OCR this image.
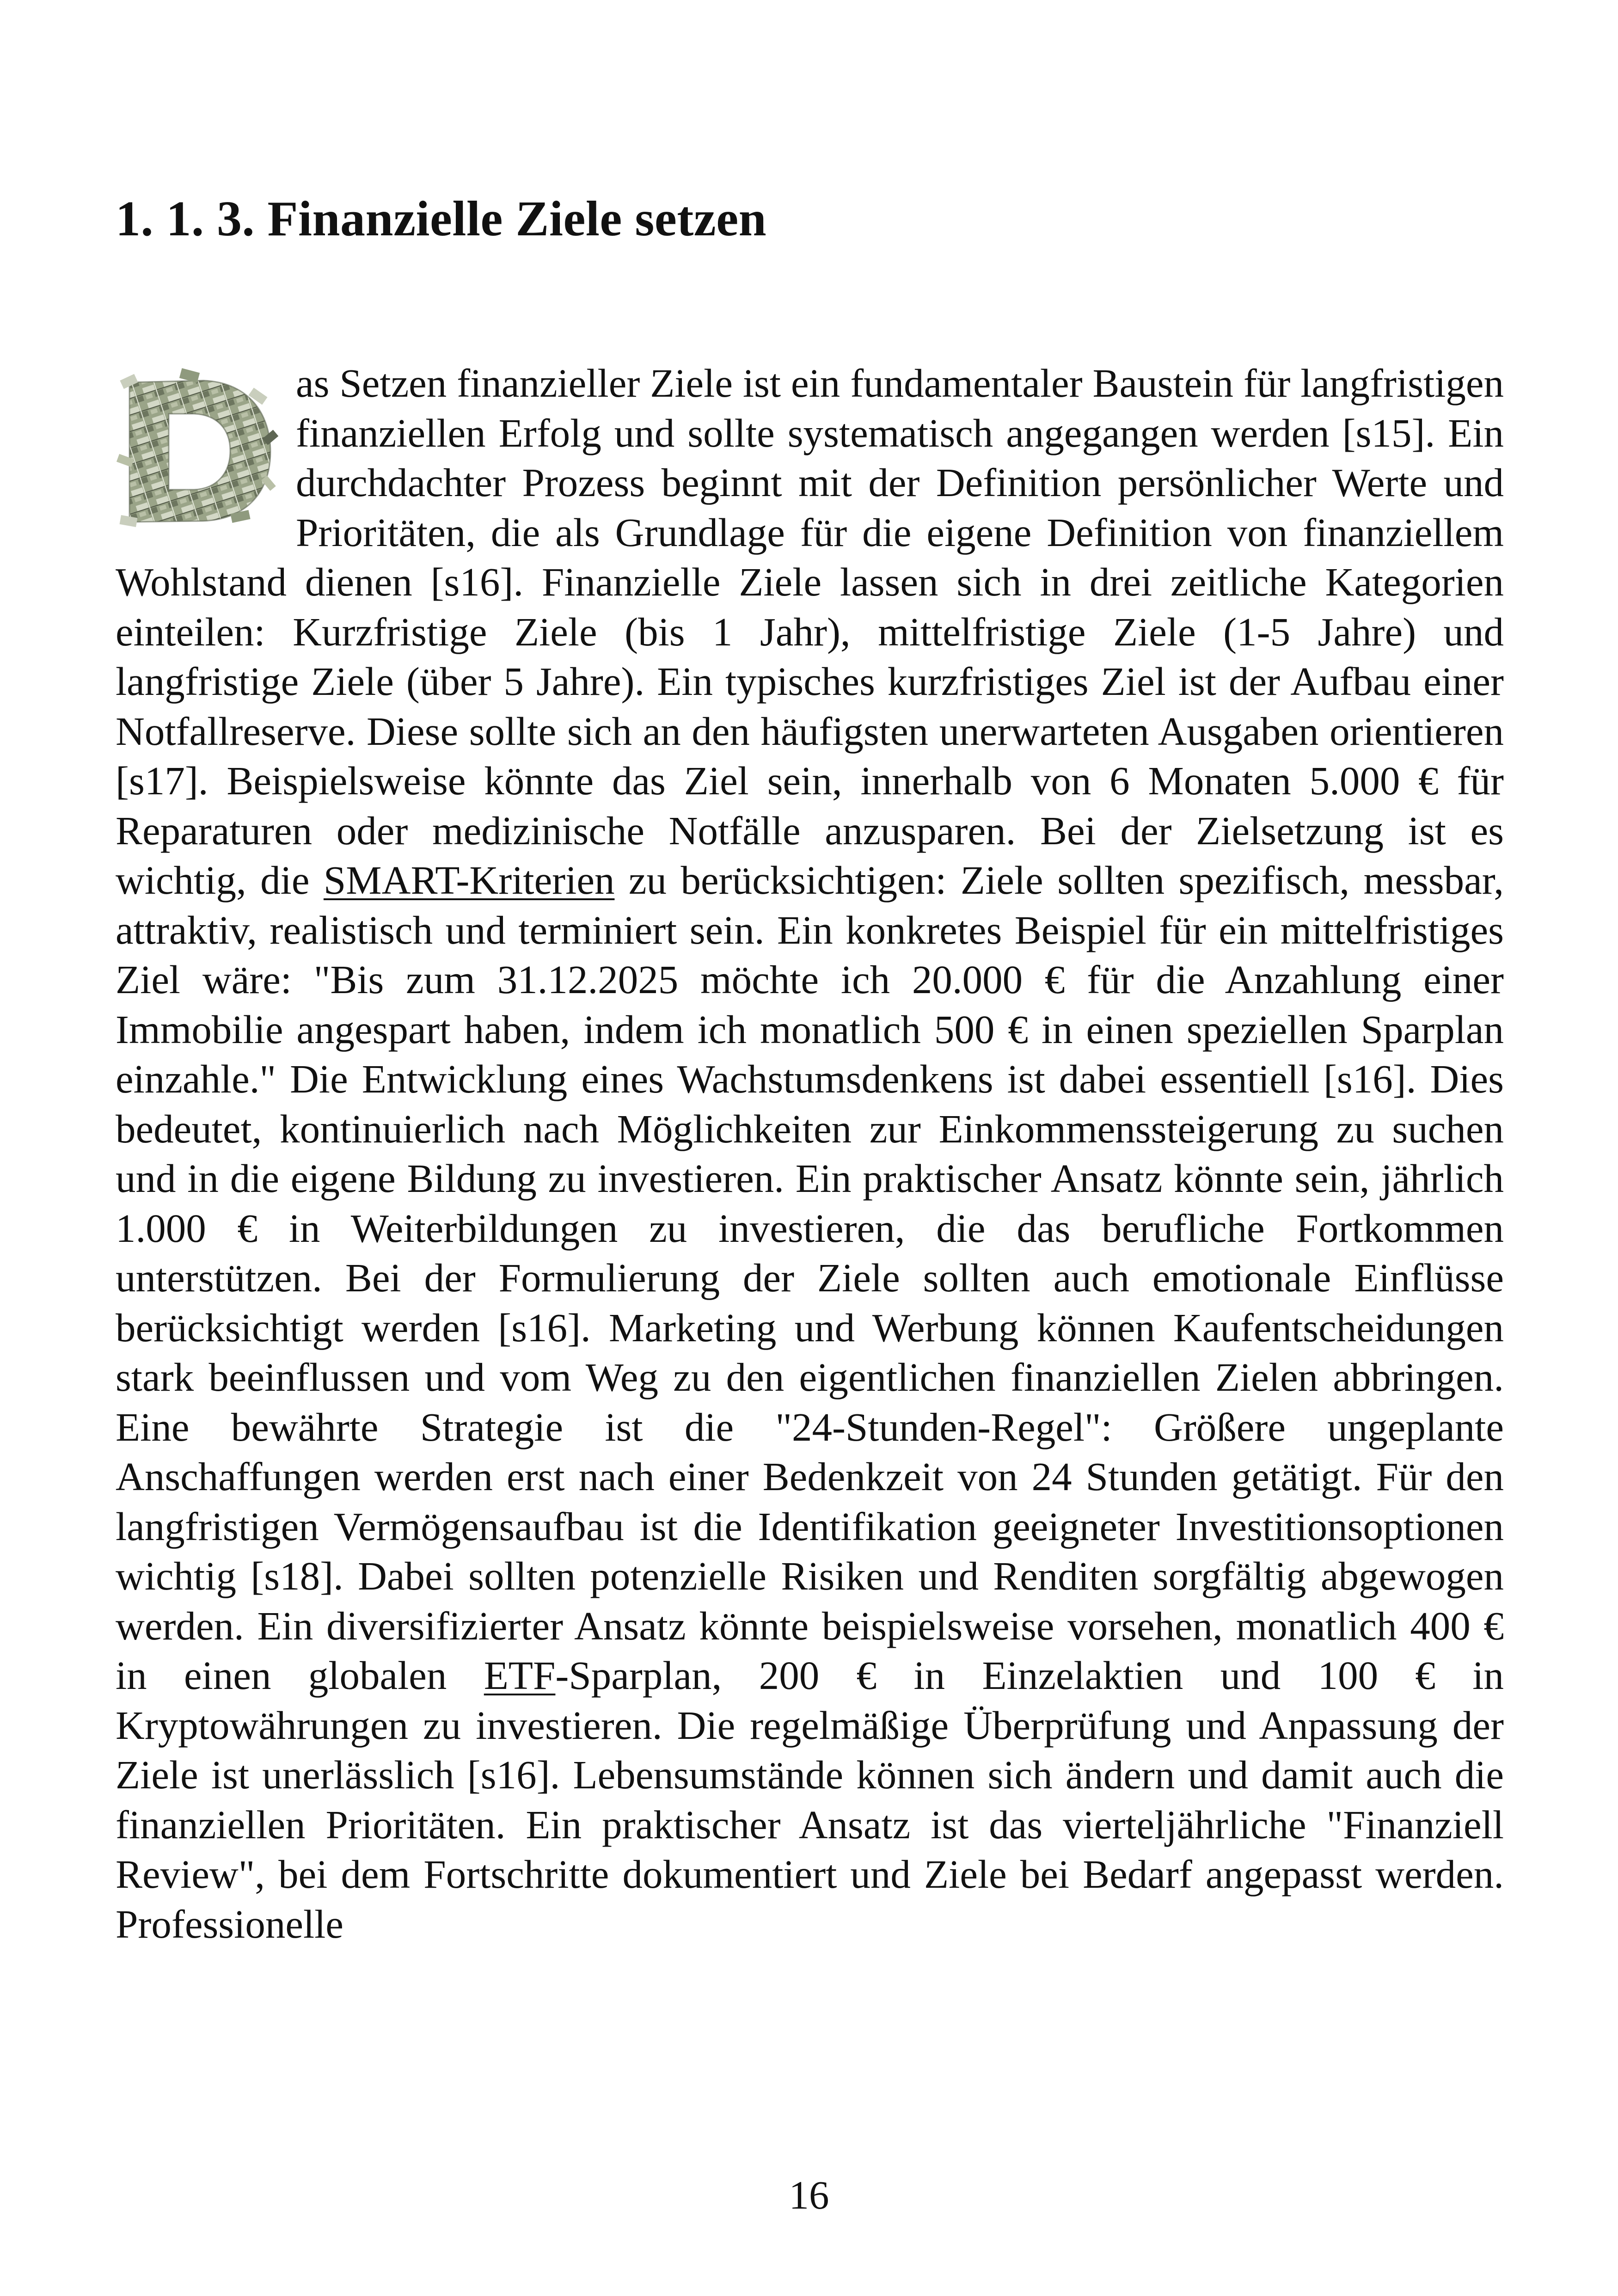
1. 1. 3. Finanzielle Ziele setzen

as Setzen finanzieller Ziele ist ein fundamentaler Baustein für langfristigen finanziellen Erfolg und sollte systematisch angegangen werden [s15]. Ein durchdachter Prozess beginnt mit der Definition persönlicher Werte und Prioritäten, die als Grundlage für die eigene Definition von finanziellem Wohlstand dienen [s16]. Finanzielle Ziele lassen sich in drei zeitliche Kategorien einteilen: Kurzfristige Ziele (bis 1 Jahr), mittelfristige Ziele (1-5 Jahre) und langfristige Ziele (über 5 Jahre). Ein typisches kurzfristiges Ziel ist der Aufbau einer Notfallreserve. Diese sollte sich an den häufigsten unerwarteten Ausgaben orientieren [s17]. Beispielsweise könnte das Ziel sein, innerhalb von 6 Monaten 5.000 € für Reparaturen oder medizinische Notfälle anzusparen. Bei der Zielsetzung ist es wichtig, die SMART-Kriterien zu berücksichtigen: Ziele sollten spezifisch, messbar, attraktiv, realistisch und terminiert sein. Ein konkretes Beispiel für ein mittelfristiges Ziel wäre: "Bis zum 31.12.2025 möchte ich 20.000 € für die Anzahlung einer Immobilie angespart haben, indem ich monatlich 500 € in einen speziellen Sparplan einzahle." Die Entwicklung eines Wachstumsdenkens ist dabei essentiell [s16]. Dies bedeutet, kontinuierlich nach Möglichkeiten zur Einkommenssteigerung zu suchen und in die eigene Bildung zu investieren. Ein praktischer Ansatz könnte sein, jährlich 1.000 € in Weiterbildungen zu investieren, die das berufliche Fortkommen unterstützen. Bei der Formulierung der Ziele sollten auch emotionale Einflüsse berücksichtigt werden [s16]. Marketing und Werbung können Kaufentscheidungen stark beeinflussen und vom Weg zu den eigentlichen finanziellen Zielen abbringen. Eine bewährte Strategie ist die "24-Stunden-Regel": Größere ungeplante Anschaffungen werden erst nach einer Bedenkzeit von 24 Stunden getätigt. Für den langfristigen Vermögensaufbau ist die Identifikation geeigneter Investitionsoptionen wichtig [s18]. Dabei sollten potenzielle Risiken und Renditen sorgfältig abgewogen werden. Ein diversifizierter Ansatz könnte beispielsweise vorsehen, monatlich 400 € in einen globalen ETF-Sparplan, 200 € in Einzelaktien und 100 € in Kryptowährungen zu investieren. Die regelmäßige Überprüfung und Anpassung der Ziele ist unerlässlich [s16]. Lebensumstände können sich ändern und damit auch die finanziellen Prioritäten. Ein praktischer Ansatz ist das vierteljährliche "Finanziell Review", bei dem Fortschritte dokumentiert und Ziele bei Bedarf angepasst werden. Professionelle

16
